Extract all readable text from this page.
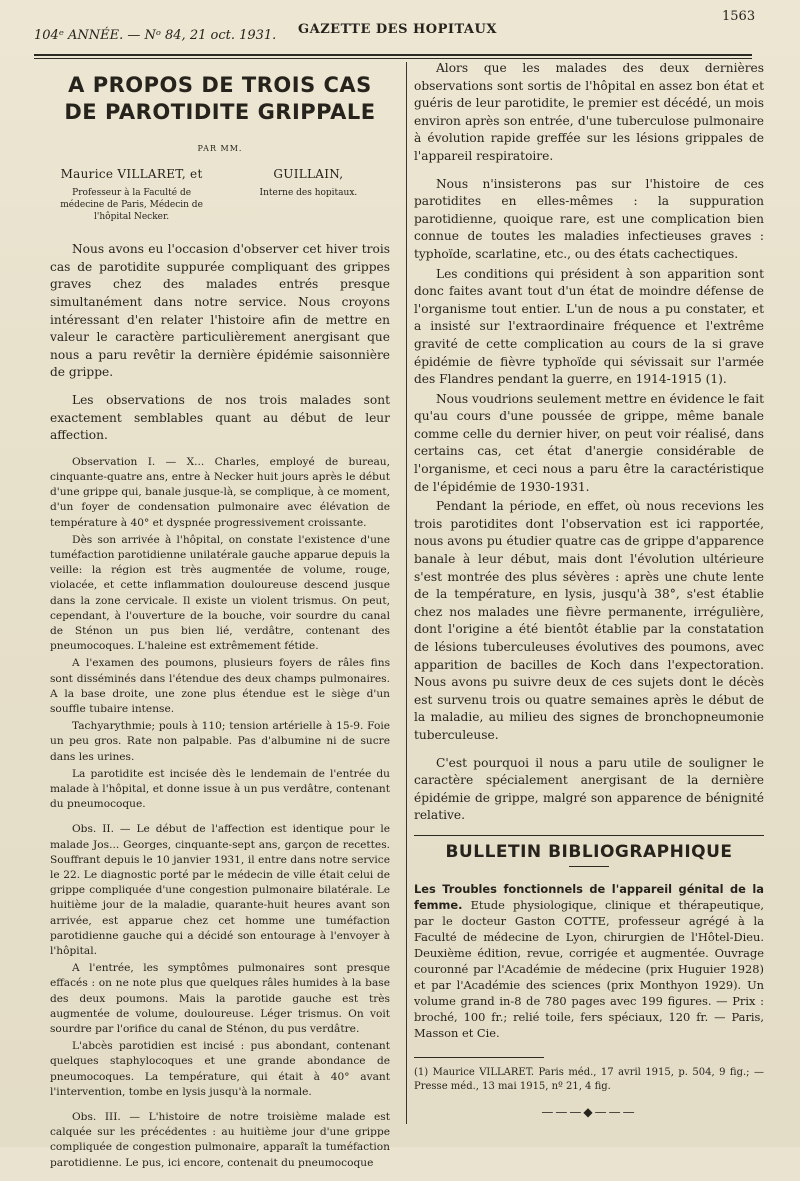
104ᵉ ANNÉE. — Nᵒ 84, 21 oct. 1931. GAZETTE DES HOPITAUX
1563
A PROPOS DE TROIS CAS DE PAROTIDITE GRIPPALE
PAR MM.
Maurice VILLARET, et
Professeur à la Faculté de médecine de Paris, Médecin de l'hôpital Necker.
GUILLAIN,
Interne des hopitaux.

Nous avons eu l'occasion d'observer cet hiver trois cas de parotidite suppurée compliquant des grippes graves chez des malades entrés presque simultanément dans notre service. Nous croyons intéressant d'en relater l'histoire afin de mettre en valeur le caractère particulièrement anergisant que nous a paru revêtir la dernière épidémie saisonnière de grippe.

Les observations de nos trois malades sont exactement semblables quant au début de leur affection.

Observation I. — X... Charles, employé de bureau, cinquante-quatre ans, entre à Necker huit jours après le début d'une grippe qui, banale jusque-là, se complique, à ce moment, d'un foyer de condensation pulmonaire avec élévation de température à 40° et dyspnée progressivement croissante.

Dès son arrivée à l'hôpital, on constate l'existence d'une tuméfaction parotidienne unilatérale gauche apparue depuis la veille: la région est très augmentée de volume, rouge, violacée, et cette inflammation douloureuse descend jusque dans la zone cervicale. Il existe un violent trismus. On peut, cependant, à l'ouverture de la bouche, voir sourdre du canal de Sténon un pus bien lié, verdâtre, contenant des pneumocoques. L'haleine est extrêmement fétide.

A l'examen des poumons, plusieurs foyers de râles fins sont disséminés dans l'étendue des deux champs pulmonaires. A la base droite, une zone plus étendue est le siège d'un souffle tubaire intense.

Tachyarythmie; pouls à 110; tension artérielle à 15-9. Foie un peu gros. Rate non palpable. Pas d'albumine ni de sucre dans les urines.

La parotidite est incisée dès le lendemain de l'entrée du malade à l'hôpital, et donne issue à un pus verdâtre, contenant du pneumocoque.

Obs. II. — Le début de l'affection est identique pour le malade Jos... Georges, cinquante-sept ans, garçon de recettes. Souffrant depuis le 10 janvier 1931, il entre dans notre service le 22. Le diagnostic porté par le médecin de ville était celui de grippe compliquée d'une congestion pulmonaire bilatérale. Le huitième jour de la maladie, quarante-huit heures avant son arrivée, est apparue chez cet homme une tuméfaction parotidienne gauche qui a décidé son entourage à l'envoyer à l'hôpital.

A l'entrée, les symptômes pulmonaires sont presque effacés : on ne note plus que quelques râles humides à la base des deux poumons. Mais la parotide gauche est très augmentée de volume, douloureuse. Léger trismus. On voit sourdre par l'orifice du canal de Sténon, du pus verdâtre.

L'abcès parotidien est incisé : pus abondant, contenant quelques staphylocoques et une grande abondance de pneumocoques. La température, qui était à 40° avant l'intervention, tombe en lysis jusqu'à la normale.

Obs. III. — L'histoire de notre troisième malade est calquée sur les précédentes : au huitième jour d'une grippe compliquée de congestion pulmonaire, apparaît la tuméfaction parotidienne. Le pus, ici encore, contenait du pneumocoque

Alors que les malades des deux dernières observations sont sortis de l'hôpital en assez bon état et guéris de leur parotidite, le premier est décédé, un mois environ après son entrée, d'une tuberculose pulmonaire à évolution rapide greffée sur les lésions grippales de l'appareil respiratoire.

Nous n'insisterons pas sur l'histoire de ces parotidites en elles-mêmes : la suppuration parotidienne, quoique rare, est une complication bien connue de toutes les maladies infectieuses graves : typhoïde, scarlatine, etc., ou des états cachectiques.

Les conditions qui président à son apparition sont donc faites avant tout d'un état de moindre défense de l'organisme tout entier. L'un de nous a pu constater, et a insisté sur l'extraordinaire fréquence et l'extrême gravité de cette complication au cours de la si grave épidémie de fièvre typhoïde qui sévissait sur l'armée des Flandres pendant la guerre, en 1914-1915 (1).

Nous voudrions seulement mettre en évidence le fait qu'au cours d'une poussée de grippe, même banale comme celle du dernier hiver, on peut voir réalisé, dans certains cas, cet état d'anergie considérable de l'organisme, et ceci nous a paru être la caractéristique de l'épidémie de 1930-1931.

Pendant la période, en effet, où nous recevions les trois parotidites dont l'observation est ici rapportée, nous avons pu étudier quatre cas de grippe d'apparence banale à leur début, mais dont l'évolution ultérieure s'est montrée des plus sévères : après une chute lente de la température, en lysis, jusqu'à 38°, s'est établie chez nos malades une fièvre permanente, irrégulière, dont l'origine a été bientôt établie par la constatation de lésions tuberculeuses évolutives des poumons, avec apparition de bacilles de Koch dans l'expectoration. Nous avons pu suivre deux de ces sujets dont le décès est survenu trois ou quatre semaines après le début de la maladie, au milieu des signes de bronchopneumonie tuberculeuse.

C'est pourquoi il nous a paru utile de souligner le caractère spécialement anergisant de la dernière épidémie de grippe, malgré son apparence de bénignité relative.

BULLETIN BIBLIOGRAPHIQUE
Les Troubles fonctionnels de l'appareil génital de la femme. Etude physiologique, clinique et thérapeutique, par le docteur Gaston COTTE, professeur agrégé à la Faculté de médecine de Lyon, chirurgien de l'Hôtel-Dieu. Deuxième édition, revue, corrigée et augmentée. Ouvrage couronné par l'Académie de médecine (prix Huguier 1928) et par l'Académie des sciences (prix Monthyon 1929). Un volume grand in-8 de 780 pages avec 199 figures. — Prix : broché, 100 fr.; relié toile, fers spéciaux, 120 fr. — Paris, Masson et Cie.
(1) Maurice VILLARET. Paris méd., 17 avril 1915, p. 504, 9 fig.; — Presse méd., 13 mai 1915, nº 21, 4 fig.
———◆———
